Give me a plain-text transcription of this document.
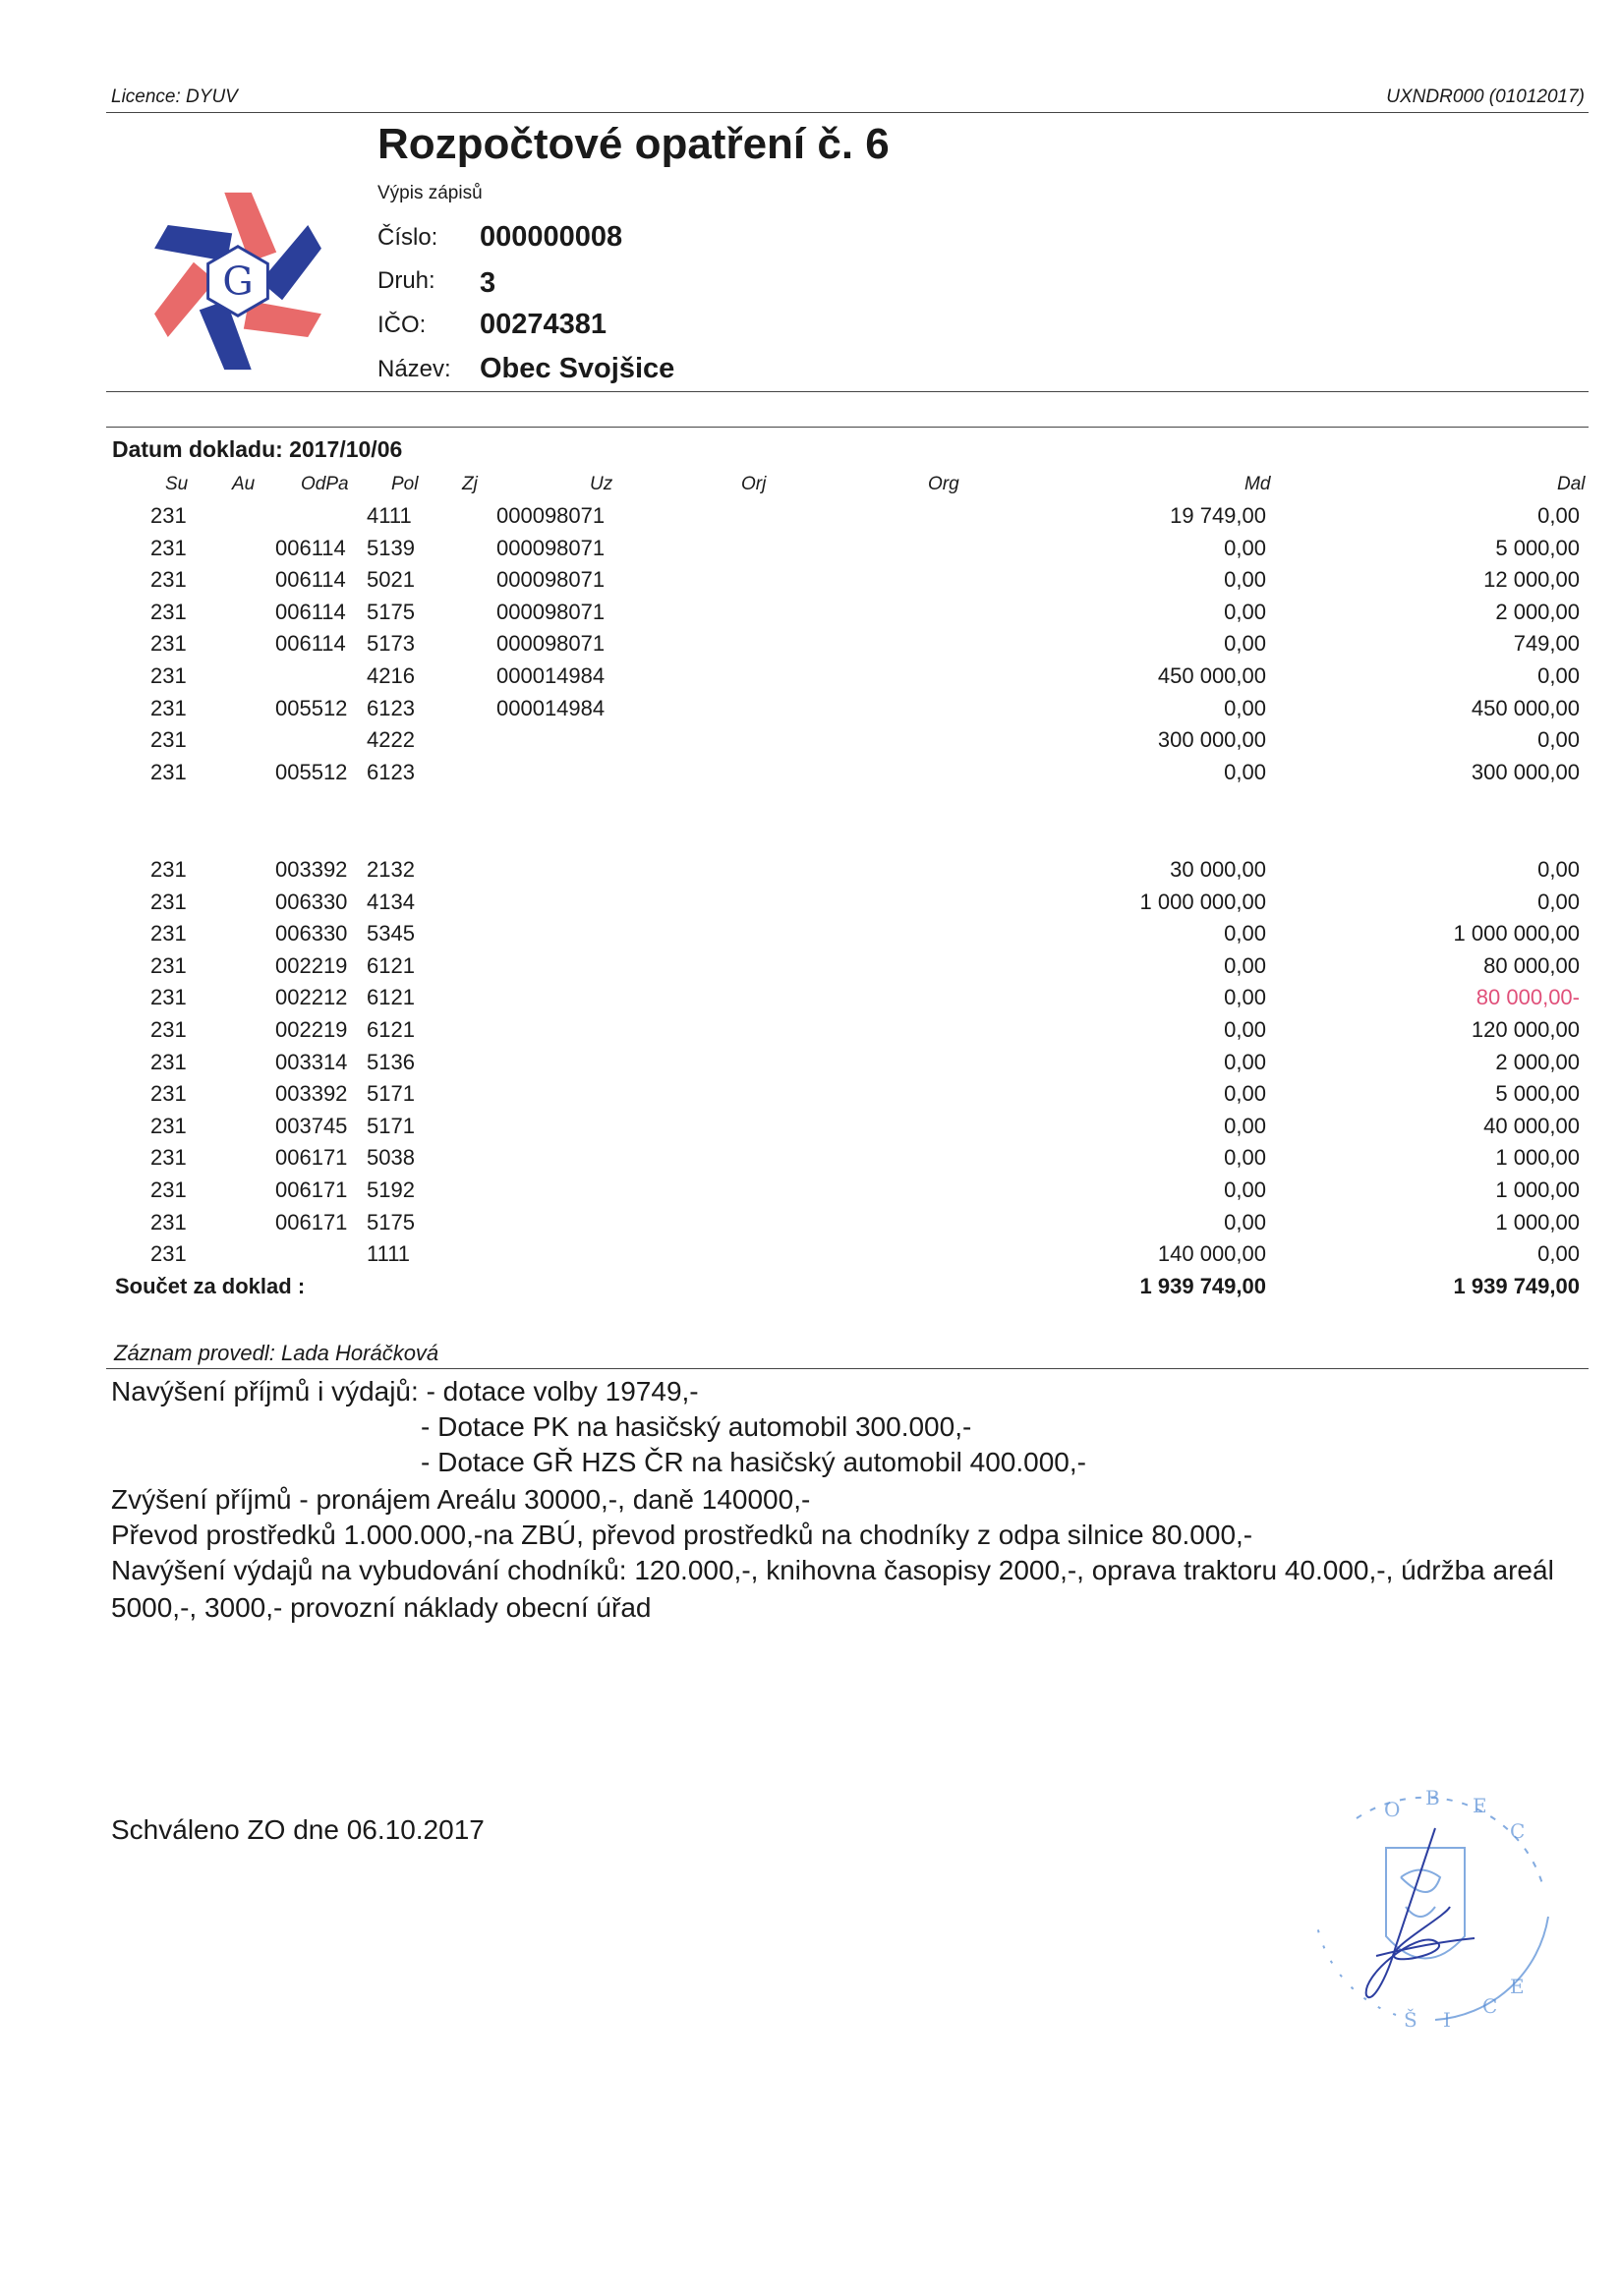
Licence: DYUV	UXNDR000 (01012017)
G
Rozpočtové opatření č. 6
Výpis zápisů
Číslo: 000000008
Druh: 3
IČO: 00274381
Název: Obec Svojšice
Datum dokladu: 2017/10/06
Su Au OdPa Pol Zj	Uz	Orj	Org	Md	Dal
231	4111	000098071	19 749,00	0,00
231	006114 5139	000098071	0,00	5 000,00
231	006114 5021	000098071	0,00	12 000,00
231	006114 5175	000098071	0,00	2 000,00
231	006114 5173	000098071	0,00	749,00
231	4216	000014984	450 000,00	0,00
231	005512 6123	000014984	0,00	450 000,00
231	4222	300 000,00	0,00
231	005512 6123	0,00	300 000,00
231	003392 2132	30 000,00	0,00
231	006330 4134	1 000 000,00	0,00
231	006330 5345	0,00	1 000 000,00
231	002219 6121	0,00	80 000,00
231	002212 6121	0,00	80 000,00-
231	002219 6121	0,00	120 000,00
231	003314 5136	0,00	2 000,00
231	003392 5171	0,00	5 000,00
231	003745 5171	0,00	40 000,00
231	006171 5038	0,00	1 000,00
231	006171 5192	0,00	1 000,00
231	006171 5175	0,00	1 000,00
231	1111	140 000,00	0,00
Součet za doklad :	1 939 749,00	1 939 749,00
Záznam provedl: Lada Horáčková
Navýšení příjmů i výdajů: - dotace volby 19749,-
- Dotace PK na hasičský automobil 300.000,-
- Dotace GŘ HZS ČR na hasičský automobil 400.000,-
Zvýšení příjmů - pronájem Areálu 30000,-, daně 140000,-
Převod prostředků 1.000.000,-na ZBÚ, převod prostředků na chodníky z odpa silnice 80.000,-
Navýšení výdajů na vybudování chodníků: 120.000,-, knihovna časopisy 2000,-, oprava traktoru 40.000,-, údržba areál
5000,-, 3000,- provozní náklady obecní úřad
Schváleno ZO dne 06.10.2017
O B E
C
E
C
I
Š
